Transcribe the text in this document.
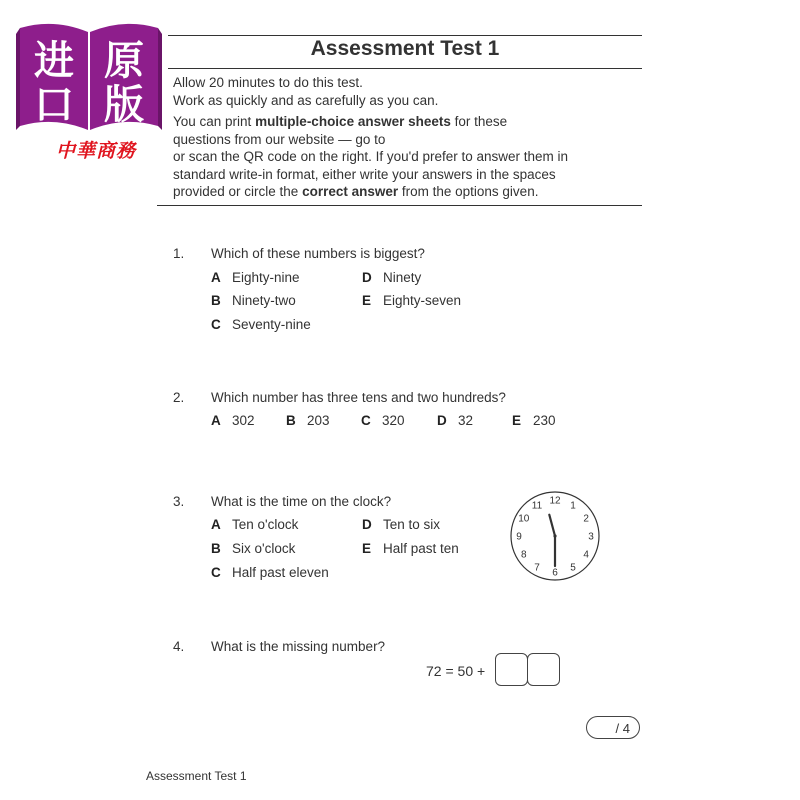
进 原
口 版
中華商務
Assessment Test 1

Allow 20 minutes to do this test.

Work as quickly and as carefully as you can.

You can print multiple-choice answer sheets for these questions from our website — go to

or scan the QR code on the right. If you'd prefer to answer them in standard write-in format, either write your answers in the spaces provided or circle the correct answer from the options given.

1. Which of these numbers is biggest?
A Eighty-nine
B Ninety-two
C Seventy-nine
D Ninety
E Eighty-seven
2. Which number has three tens and two hundreds?
A 302 B 203 C 320 D 32	E 230
3. What is the time on the clock?
A Ten o'clock
B Six o'clock
C Half past eleven
D Ten to six
E Half past ten
12 1
2
3
4
5
6
7
8
9
10
11
4. What is the missing number?
72 = 50 +
/ 4
Assessment Test 1
